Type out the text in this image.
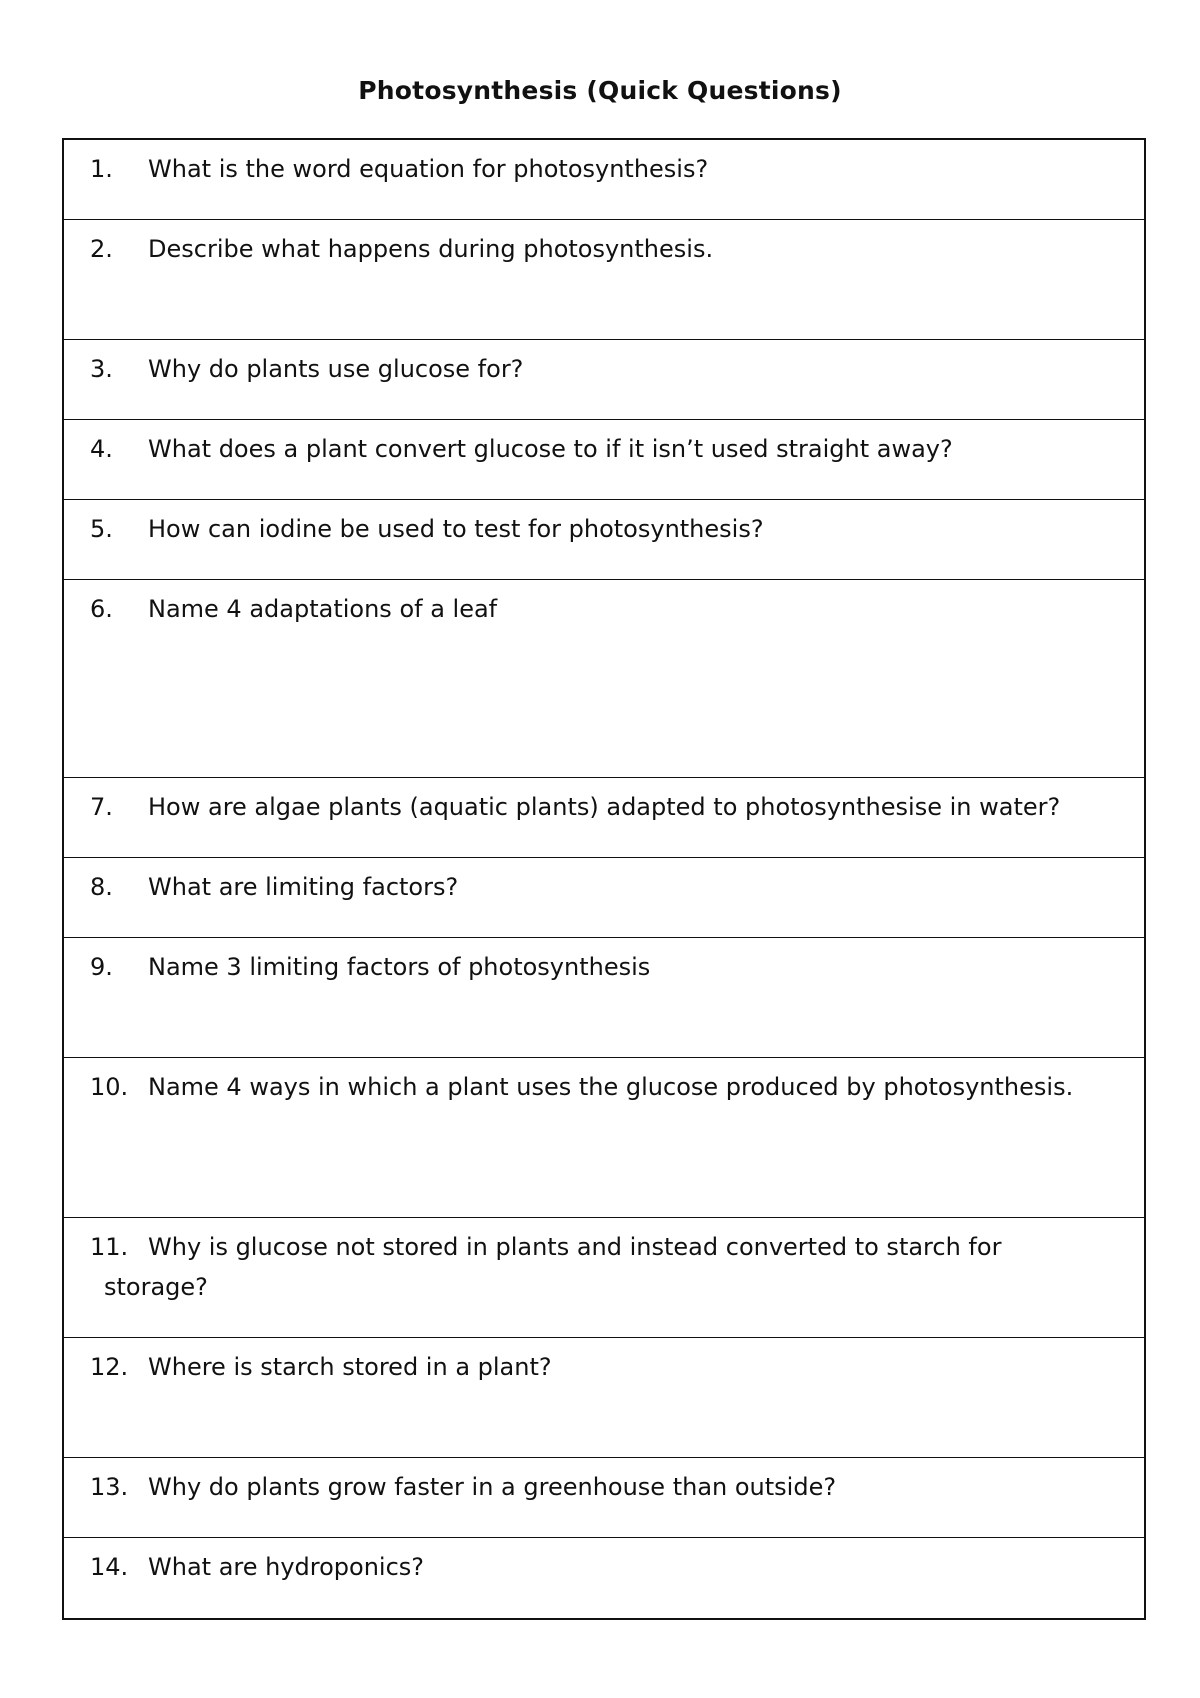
Photosynthesis (Quick Questions)
1. What is the word equation for photosynthesis?
2. Describe what happens during photosynthesis.
3. Why do plants use glucose for?
4. What does a plant convert glucose to if it isn’t used straight away?
5. How can iodine be used to test for photosynthesis?
6. Name 4 adaptations of a leaf
7. How are algae plants (aquatic plants) adapted to photosynthesise in water?
8. What are limiting factors?
9. Name 3 limiting factors of photosynthesis
10. Name 4 ways in which a plant uses the glucose produced by photosynthesis.
11. Why is glucose not stored in plants and instead converted to starch for storage?
12. Where is starch stored in a plant?
13. Why do plants grow faster in a greenhouse than outside?
14. What are hydroponics?
